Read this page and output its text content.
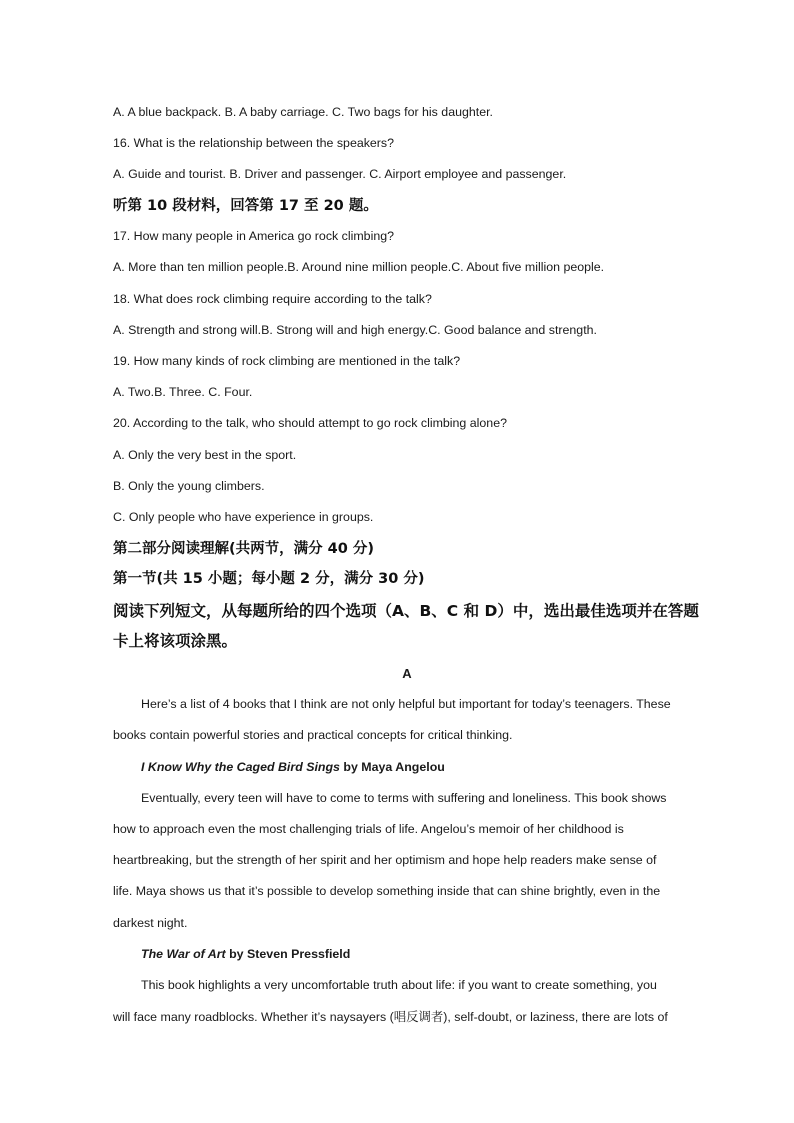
A. A blue backpack. B. A baby carriage. C. Two bags for his daughter.
16. What is the relationship between the speakers?
A. Guide and tourist. B. Driver and passenger. C. Airport employee and passenger.
听第 10 段材料，回答第 17 至 20 题。
17. How many people in America go rock climbing?
A. More than ten million people.B. Around nine million people.C. About five million people.
18. What does rock climbing require according to the talk?
A. Strength and strong will.B. Strong will and high energy.C. Good balance and strength.
19. How many kinds of rock climbing are mentioned in the talk?
A. Two.B. Three. C. Four.
20. According to the talk, who should attempt to go rock climbing alone?
A. Only the very best in the sport.
B. Only the young climbers.
C. Only people who have experience in groups.
第二部分阅读理解(共两节，满分 40 分)
第一节(共 15 小题；每小题 2 分，满分 30 分)
阅读下列短文，从每题所给的四个选项（A、B、C 和 D）中，选出最佳选项并在答题
卡上将该项涂黑。
A
Here’s a list of 4 books that I think are not only helpful but important for today’s teenagers. These
books contain powerful stories and practical concepts for critical thinking.
I Know Why the Caged Bird Sings by Maya Angelou
Eventually, every teen will have to come to terms with suffering and loneliness. This book shows
how to approach even the most challenging trials of life. Angelou’s memoir of her childhood is
heartbreaking, but the strength of her spirit and her optimism and hope help readers make sense of
life. Maya shows us that it’s possible to develop something inside that can shine brightly, even in the
darkest night.
The War of Art by Steven Pressfield
This book highlights a very uncomfortable truth about life: if you want to create something, you
will face many roadblocks. Whether it’s naysayers (唱反调者), self-doubt, or laziness, there are lots of
